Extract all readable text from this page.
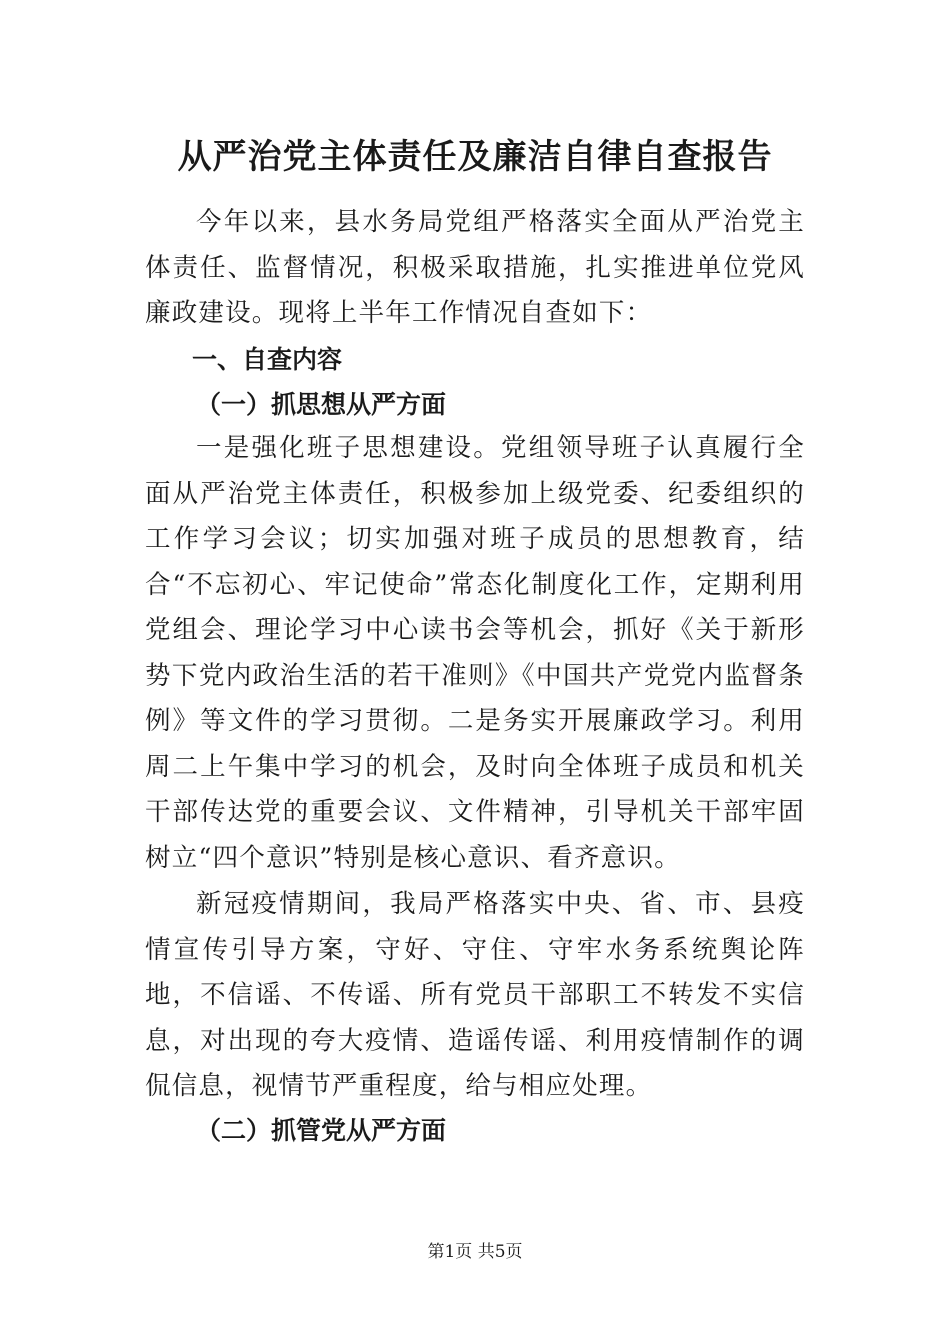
从严治党主体责任及廉洁自律自查报告

今年以来，县水务局党组严格落实全面从严治党主体责任、监督情况，积极采取措施，扎实推进单位党风廉政建设。现将上半年工作情况自查如下：

一、自查内容
（一）抓思想从严方面

一是强化班子思想建设。党组领导班子认真履行全面从严治党主体责任，积极参加上级党委、纪委组织的工作学习会议；切实加强对班子成员的思想教育，结合“不忘初心、牢记使命”常态化制度化工作，定期利用党组会、理论学习中心读书会等机会，抓好《关于新形势下党内政治生活的若干准则》《中国共产党党内监督条例》等文件的学习贯彻。二是务实开展廉政学习。利用周二上午集中学习的机会，及时向全体班子成员和机关干部传达党的重要会议、文件精神，引导机关干部牢固树立“四个意识”特别是核心意识、看齐意识。

新冠疫情期间，我局严格落实中央、省、市、县疫情宣传引导方案，守好、守住、守牢水务系统舆论阵地，不信谣、不传谣、所有党员干部职工不转发不实信息，对出现的夸大疫情、造谣传谣、利用疫情制作的调侃信息，视情节严重程度，给与相应处理。

（二）抓管党从严方面
第1页 共5页
